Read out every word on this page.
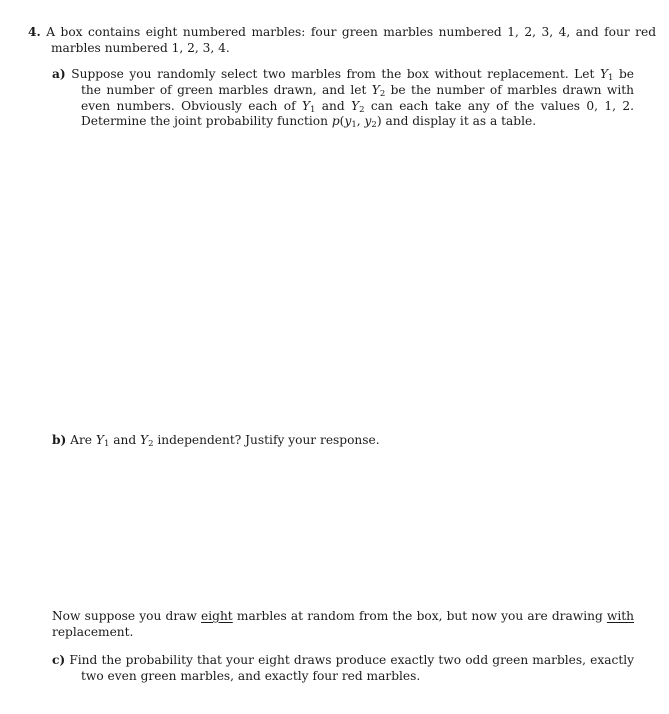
4. A box contains eight numbered marbles: four green marbles numbered 1, 2, 3, 4, and four red marbles numbered 1, 2, 3, 4.

a) Suppose you randomly select two marbles from the box without replacement. Let $Y_1$ be the number of green marbles drawn, and let $Y_2$ be the number of marbles drawn with even numbers. Obviously each of $Y_1$ and $Y_2$ can each take any of the values 0, 1, 2. Determine the joint probability function $p(y_1$, $y_2$) and display it as a table.

b) Are $Y_1$ and $Y_2$ independent? Justify your response.

Now suppose you draw eight marbles at random from the box, but now you are drawing with replacement.

c) Find the probability that your eight draws produce exactly two odd green marbles, exactly two even green marbles, and exactly four red marbles.
